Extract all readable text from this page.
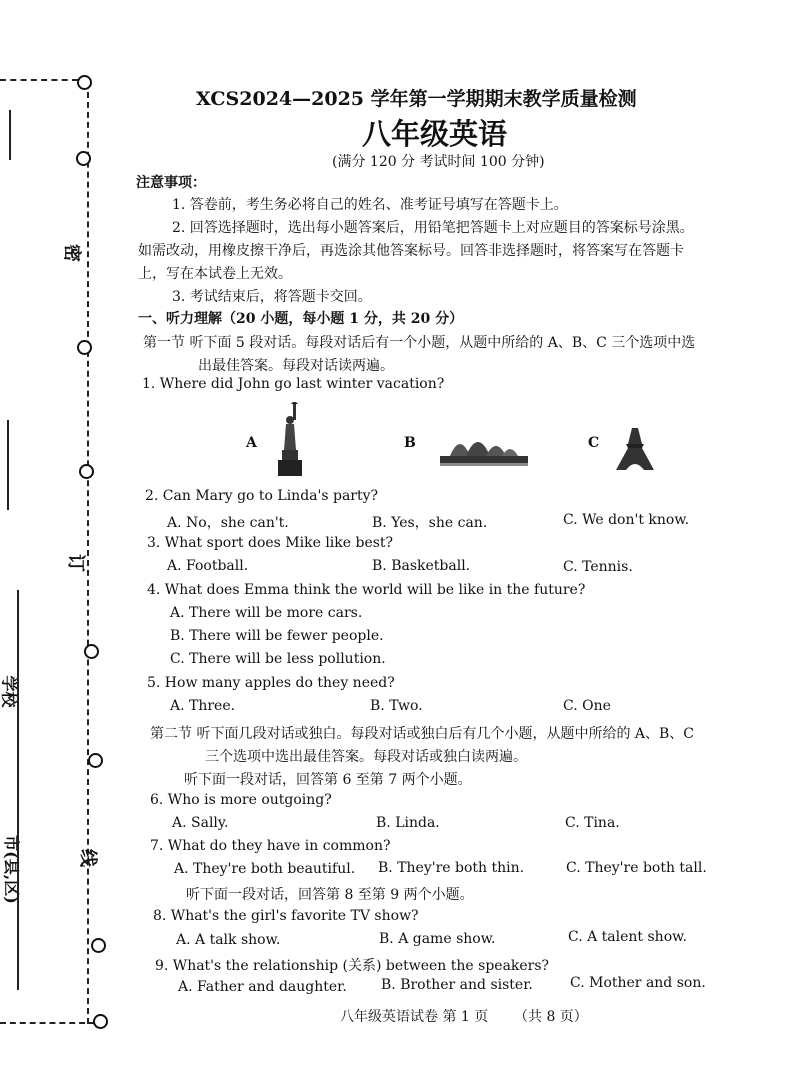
密
订
线
市(县,区)
学校
XCS2024—2025 学年第一学期期末教学质量检测
八年级英语
(满分 120 分 考试时间 100 分钟)
注意事项：
1. 答卷前，考生务必将自己的姓名、准考证号填写在答题卡上。
2. 回答选择题时，选出每小题答案后，用铅笔把答题卡上对应题目的答案标号涂黑。
如需改动，用橡皮擦干净后，再选涂其他答案标号。回答非选择题时，将答案写在答题卡
上，写在本试卷上无效。
3. 考试结束后，将答题卡交回。
一、听力理解（20 小题，每小题 1 分，共 20 分）
第一节 听下面 5 段对话。每段对话后有一个小题，从题中所给的 A、B、C 三个选项中选
出最佳答案。每段对话读两遍。
1. Where did John go last winter vacation?
A	B	C
2. Can Mary go to Linda's party?
A. No，she can't.	B. Yes，she can.	C. We don't know.
3. What sport does Mike like best?
A. Football.	B. Basketball.	C. Tennis.
4. What does Emma think the world will be like in the future?
A. There will be more cars.
B. There will be fewer people.
C. There will be less pollution.
5. How many apples do they need?
A. Three.	B. Two.	C. One
第二节 听下面几段对话或独白。每段对话或独白后有几个小题，从题中所给的 A、B、C
三个选项中选出最佳答案。每段对话或独白读两遍。
听下面一段对话，回答第 6 至第 7 两个小题。
6. Who is more outgoing?
A. Sally.	B. Linda.	C. Tina.
7. What do they have in common?
A. They're both beautiful. B. They're both thin.	C. They're both tall.
听下面一段对话，回答第 8 至第 9 两个小题。
8. What's the girl's favorite TV show?
A. A talk show.	B. A game show.	C. A talent show.
9. What's the relationship (关系) between the speakers?
A. Father and daughter. B. Brother and sister.	C. Mother and son.
八年级英语试卷 第 1 页 （共 8 页）
